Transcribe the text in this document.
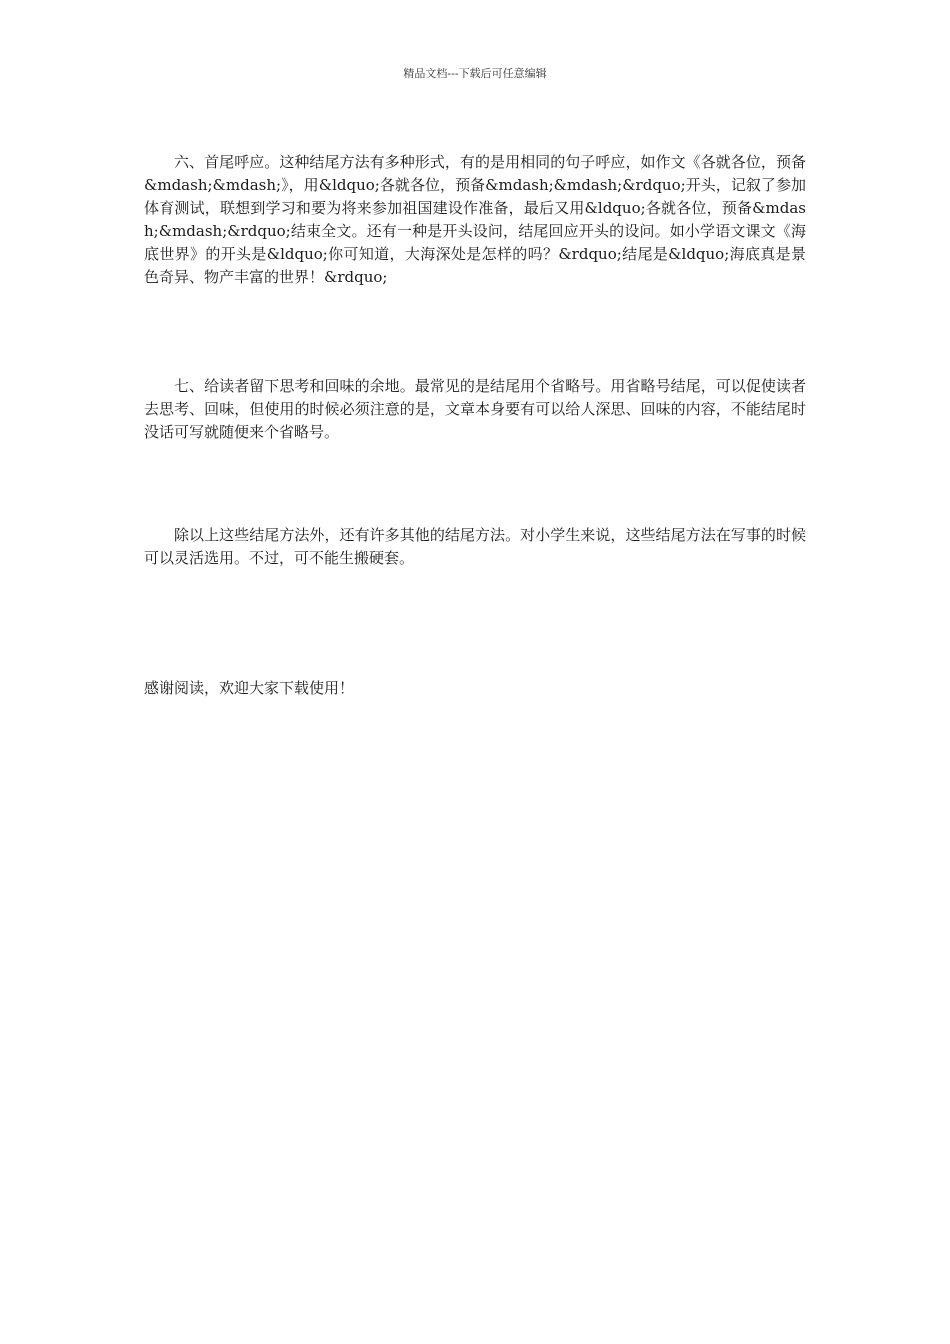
精品文档---下载后可任意编辑

六、首尾呼应。这种结尾方法有多种形式，有的是用相同的句子呼应，如作文《各就各位，预备&mdash;&mdash;》，用&ldquo;各就各位，预备&mdash;&mdash;&rdquo;开头，记叙了参加体育测试，联想到学习和要为将来参加祖国建设作准备，最后又用&ldquo;各就各位，预备&mdash;&mdash;&rdquo;结束全文。还有一种是开头设问，结尾回应开头的设问。如小学语文课文《海底世界》的开头是&ldquo;你可知道，大海深处是怎样的吗？&rdquo;结尾是&ldquo;海底真是景色奇异、物产丰富的世界！&rdquo;

七、给读者留下思考和回味的余地。最常见的是结尾用个省略号。用省略号结尾，可以促使读者去思考、回味，但使用的时候必须注意的是，文章本身要有可以给人深思、回味的内容，不能结尾时没话可写就随便来个省略号。

除以上这些结尾方法外，还有许多其他的结尾方法。对小学生来说，这些结尾方法在写事的时候可以灵活选用。不过，可不能生搬硬套。

感谢阅读，欢迎大家下载使用！
